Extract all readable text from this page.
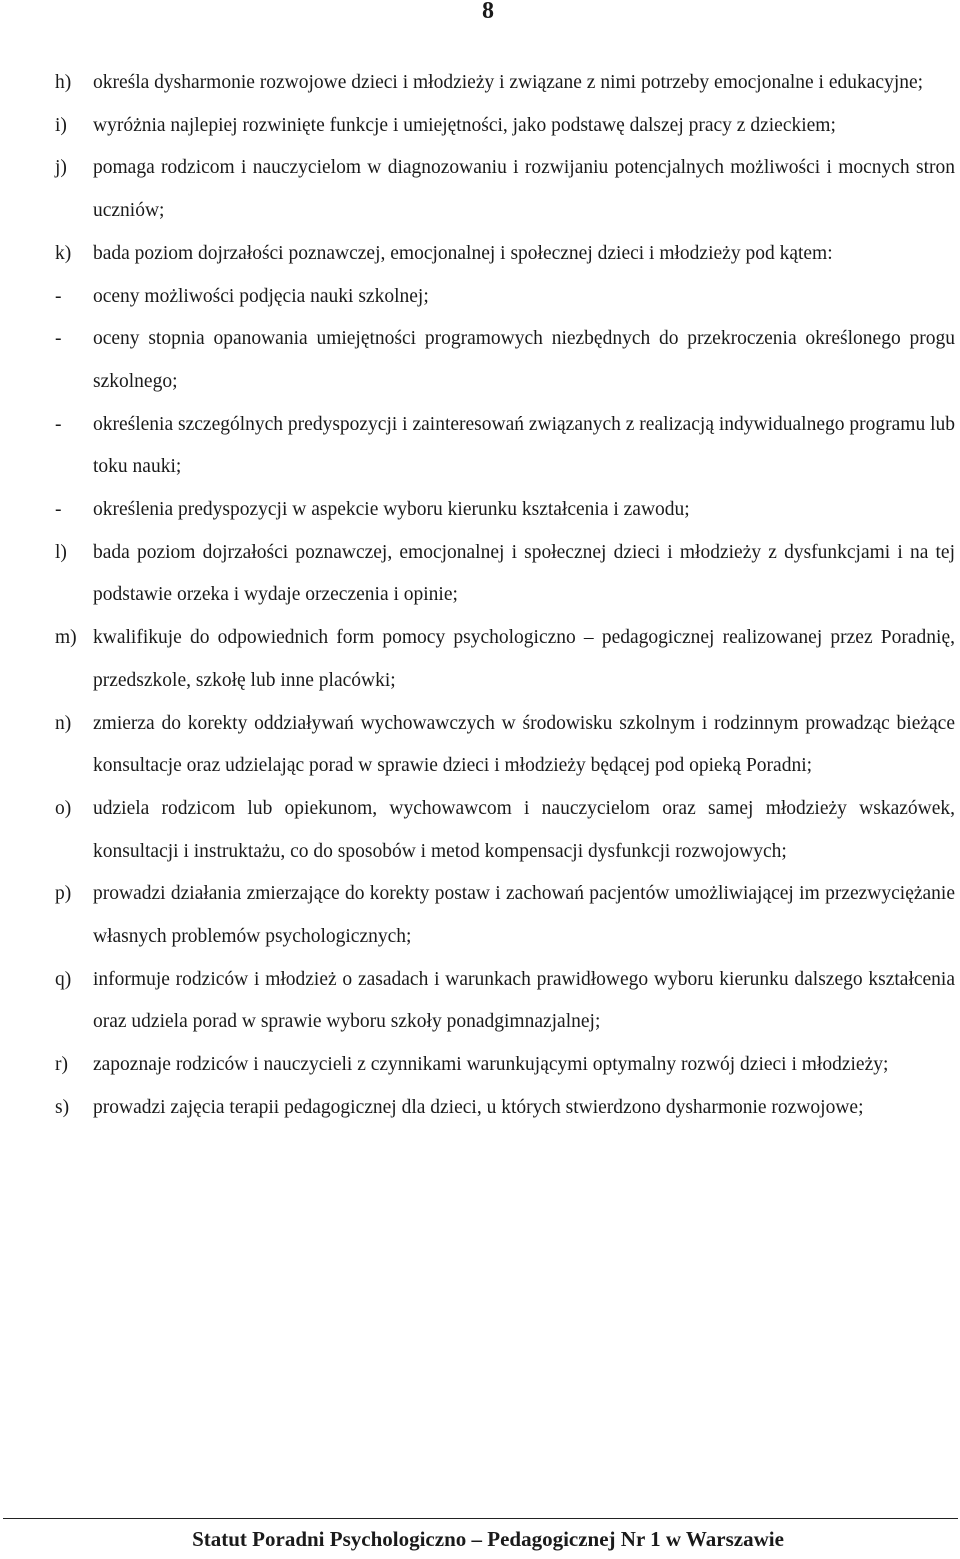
8
h) określa dysharmonie rozwojowe dzieci i młodzieży i związane z nimi potrzeby emocjonalne i edukacyjne;
i) wyróżnia najlepiej rozwinięte funkcje i umiejętności, jako podstawę dalszej pracy z dzieckiem;
j) pomaga rodzicom i nauczycielom w diagnozowaniu i rozwijaniu potencjalnych możliwości i mocnych stron uczniów;
k) bada poziom dojrzałości poznawczej, emocjonalnej i społecznej dzieci i młodzieży pod kątem:
- oceny możliwości podjęcia nauki szkolnej;
- oceny stopnia opanowania umiejętności programowych niezbędnych do przekroczenia określonego progu szkolnego;
- określenia szczególnych predyspozycji i zainteresowań związanych z realizacją indywidualnego programu lub toku nauki;
- określenia predyspozycji w aspekcie wyboru kierunku kształcenia i zawodu;
l) bada poziom dojrzałości poznawczej, emocjonalnej i społecznej dzieci i młodzieży z dysfunkcjami i na tej podstawie orzeka i wydaje orzeczenia i opinie;
m) kwalifikuje do odpowiednich form pomocy psychologiczno – pedagogicznej realizowanej przez Poradnię, przedszkole, szkołę lub inne placówki;
n) zmierza do korekty oddziaływań wychowawczych w środowisku szkolnym i rodzinnym prowadząc bieżące konsultacje oraz udzielając porad w sprawie dzieci i młodzieży będącej pod opieką Poradni;
o) udziela rodzicom lub opiekunom, wychowawcom i nauczycielom oraz samej młodzieży wskazówek, konsultacji i instruktażu, co do sposobów i metod kompensacji dysfunkcji rozwojowych;
p) prowadzi działania zmierzające do korekty postaw i zachowań pacjentów umożliwiającej im przezwyciężanie własnych problemów psychologicznych;
q) informuje rodziców i młodzież o zasadach i warunkach prawidłowego wyboru kierunku dalszego kształcenia oraz udziela porad w sprawie wyboru szkoły ponadgimnazjalnej;
r) zapoznaje rodziców i nauczycieli z czynnikami warunkującymi optymalny rozwój dzieci i młodzieży;
s) prowadzi zajęcia terapii pedagogicznej dla dzieci, u których stwierdzono dysharmonie rozwojowe;
Statut Poradni Psychologiczno – Pedagogicznej Nr 1 w Warszawie
